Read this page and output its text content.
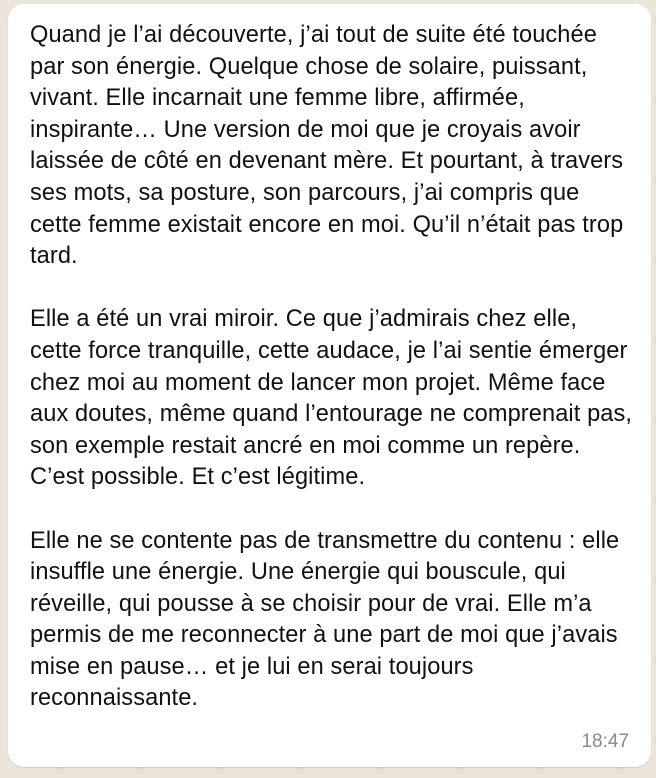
Quand je l’ai découverte, j’ai tout de suite été touchée par son énergie. Quelque chose de solaire, puissant, vivant. Elle incarnait une femme libre, affirmée, inspirante… Une version de moi que je croyais avoir laissée de côté en devenant mère. Et pourtant, à travers ses mots, sa posture, son parcours, j’ai compris que cette femme existait encore en moi. Qu’il n’était pas trop tard.
Elle a été un vrai miroir. Ce que j’admirais chez elle, cette force tranquille, cette audace, je l’ai sentie émerger chez moi au moment de lancer mon projet. Même face aux doutes, même quand l’entourage ne comprenait pas, son exemple restait ancré en moi comme un repère. C’est possible. Et c’est légitime.
Elle ne se contente pas de transmettre du contenu : elle insuffle une énergie. Une énergie qui bouscule, qui réveille, qui pousse à se choisir pour de vrai. Elle m’a permis de me reconnecter à une part de moi que j’avais mise en pause… et je lui en serai toujours reconnaissante.
18:47
